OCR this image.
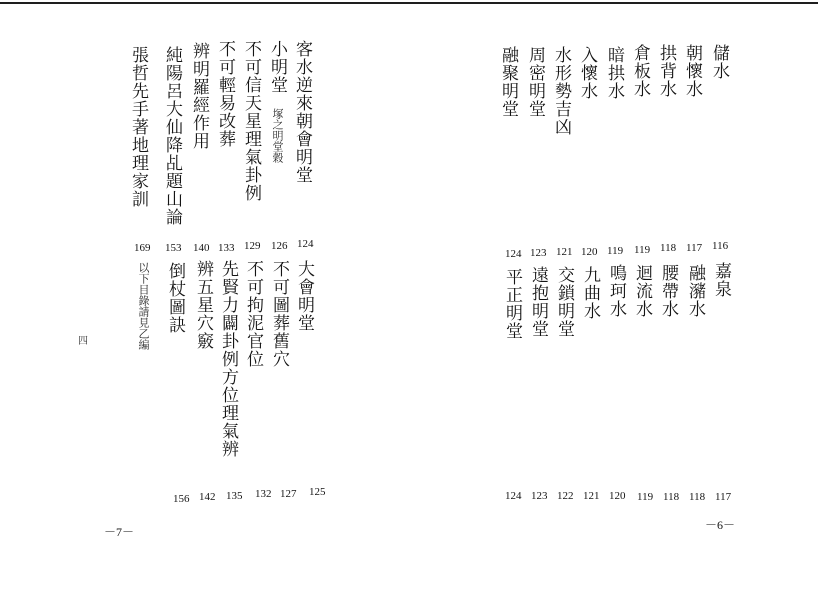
客水逆來朝會明堂
小明堂
塚之明堂穀
不可信天星理氣卦例
不可輕易改葬
辨明羅經作用
純陽呂大仙降乩題山論
張哲先手著地理家訓
169 153 140 133 129 126 124
大會明堂
不可圖葬舊穴
不可拘泥官位
先賢力闢卦例方位理氣辨
辨五星穴竅
倒杖圖訣
以下目錄請見乙編
156 142 135 132 127 125
四
－7－
儲水
朝懷水
拱背水
倉板水
暗拱水
入懷水
水形勢吉凶
周密明堂
融聚明堂
124 123 121 120 119 119 118 117 116
嘉泉
融瀦水
腰帶水
迴流水
鳴珂水
九曲水
交鎖明堂
遠抱明堂
平正明堂
124 123 122 121 120 119 118 118 117
－6－
